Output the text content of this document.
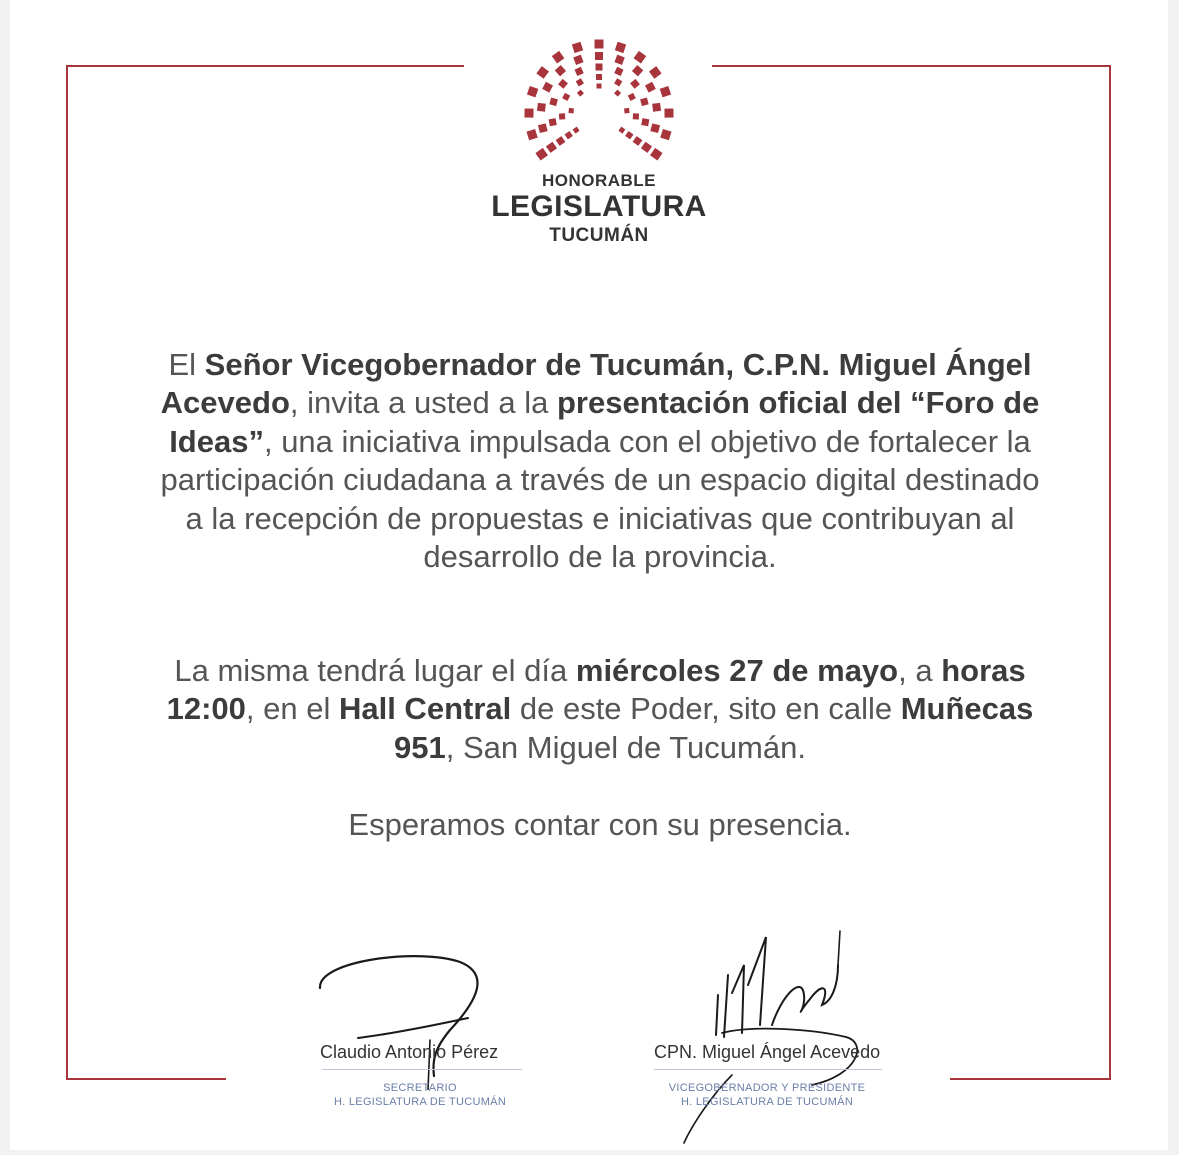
HONORABLE
LEGISLATURA
TUCUMÁN
El Señor Vicegobernador de Tucumán, C.P.N. Miguel Ángel Acevedo, invita a usted a la presentación oficial del “Foro de Ideas”, una iniciativa impulsada con el objetivo de fortalecer la participación ciudadana a través de un espacio digital destinado a la recepción de propuestas e iniciativas que contribuyan al desarrollo de la provincia.
La misma tendrá lugar el día miércoles 27 de mayo, a horas 12:00, en el Hall Central de este Poder, sito en calle Muñecas 951, San Miguel de Tucumán.
Esperamos contar con su presencia.
Claudio Antonio Pérez
SECRETARIO
H. LEGISLATURA DE TUCUMÁN
CPN. Miguel Ángel Acevedo
VICEGOBERNADOR Y PRESIDENTE
H. LEGISLATURA DE TUCUMÁN
